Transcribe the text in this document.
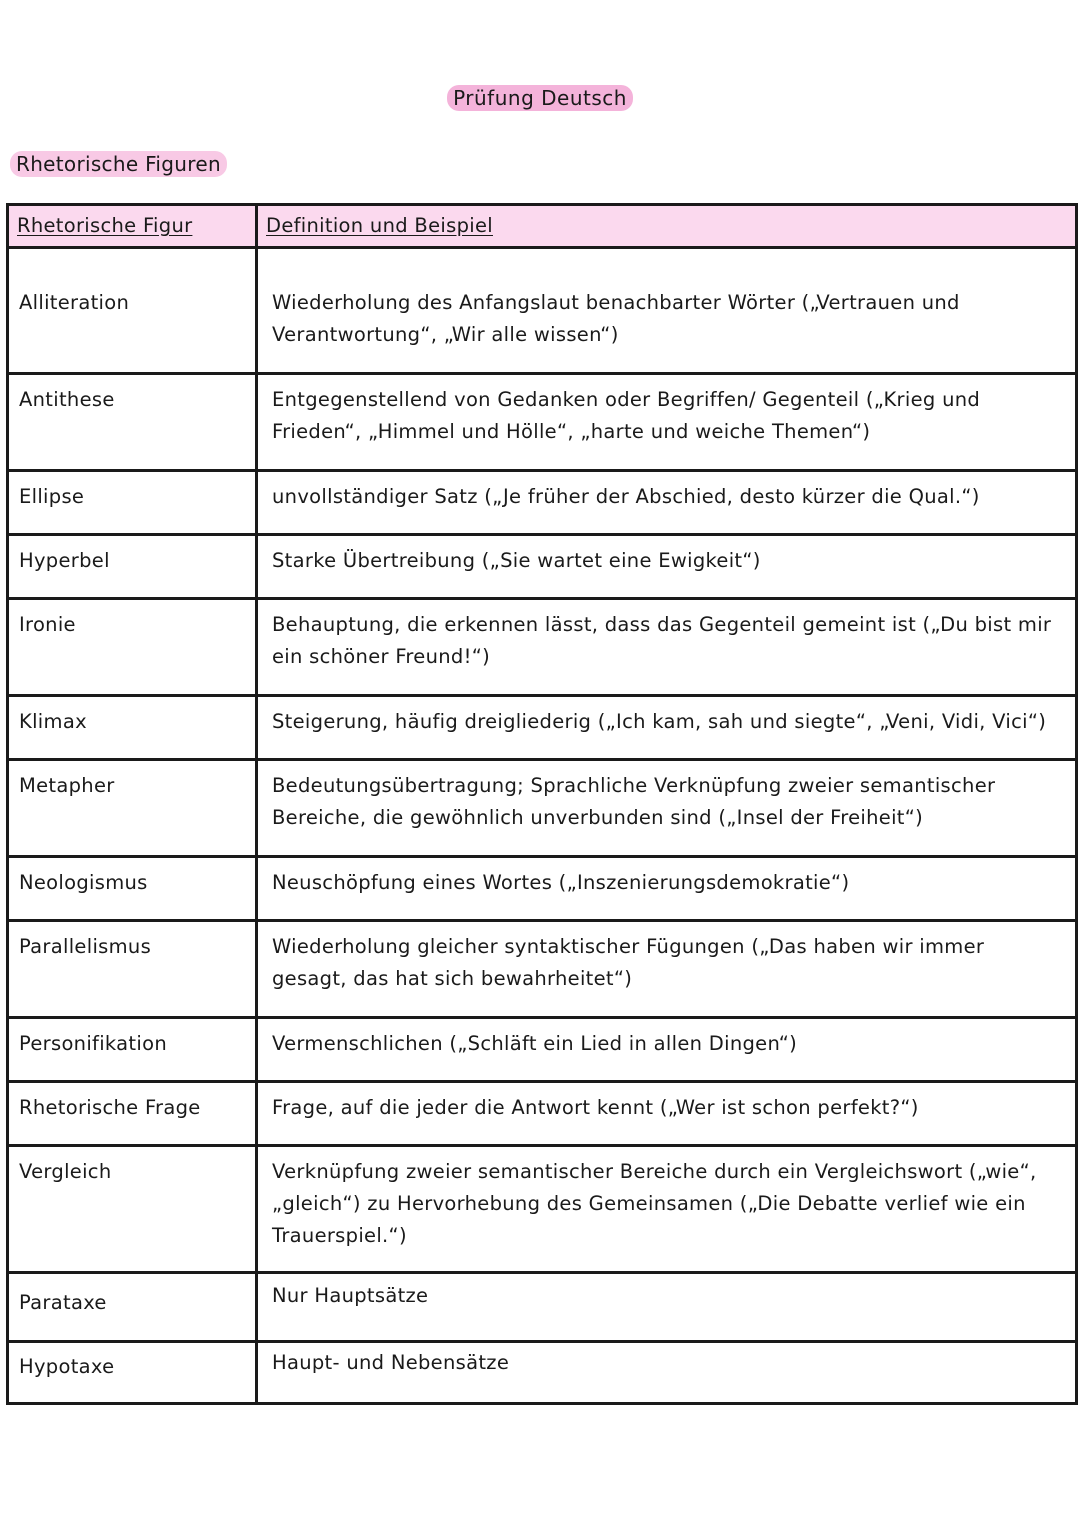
Prüfung Deutsch
Rhetorische Figuren
Rhetorische Figur	Definition und Beispiel
Alliteration	Wiederholung des Anfangslaut benachbarter Wörter („Vertrauen und Verantwortung“, „Wir alle wissen“)
Antithese	Entgegenstellend von Gedanken oder Begriffen/ Gegenteil („Krieg und Frieden“, „Himmel und Hölle“, „harte und weiche Themen“)
Ellipse	unvollständiger Satz („Je früher der Abschied, desto kürzer die Qual.“)
Hyperbel	Starke Übertreibung („Sie wartet eine Ewigkeit“)
Ironie	Behauptung, die erkennen lässt, dass das Gegenteil gemeint ist („Du bist mir ein schöner Freund!“)
Klimax	Steigerung, häufig dreigliederig („Ich kam, sah und siegte“, „Veni, Vidi, Vici“)
Metapher	Bedeutungsübertragung; Sprachliche Verknüpfung zweier semantischer Bereiche, die gewöhnlich unverbunden sind („Insel der Freiheit“)
Neologismus	Neuschöpfung eines Wortes („Inszenierungsdemokratie“)
Parallelismus	Wiederholung gleicher syntaktischer Fügungen („Das haben wir immer gesagt, das hat sich bewahrheitet“)
Personifikation	Vermenschlichen („Schläft ein Lied in allen Dingen“)
Rhetorische Frage	Frage, auf die jeder die Antwort kennt („Wer ist schon perfekt?“)
Vergleich	Verknüpfung zweier semantischer Bereiche durch ein Vergleichswort („wie“, „gleich“) zu Hervorhebung des Gemeinsamen („Die Debatte verlief wie ein Trauerspiel.“)
Parataxe	Nur Hauptsätze
Hypotaxe	Haupt- und Nebensätze
